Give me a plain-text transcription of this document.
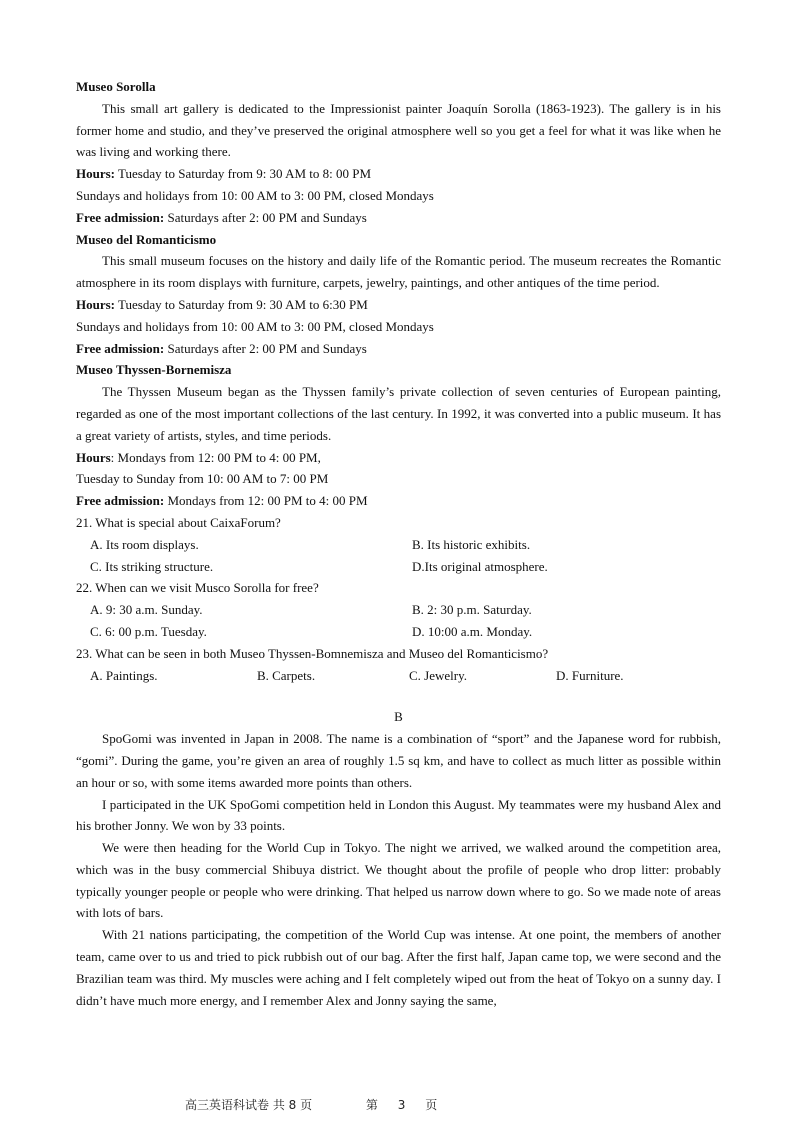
Museo Sorolla
This small art gallery is dedicated to the Impressionist painter Joaquín Sorolla (1863-1923). The gallery is in his former home and studio, and they’ve preserved the original atmosphere well so you get a feel for what it was like when he was living and working there.
Hours: Tuesday to Saturday from 9: 30 AM to 8: 00 PM
Sundays and holidays from 10: 00 AM to 3: 00 PM, closed Mondays
Free admission: Saturdays after 2: 00 PM and Sundays
Museo del Romanticismo
This small museum focuses on the history and daily life of the Romantic period. The museum recreates the Romantic atmosphere in its room displays with furniture, carpets, jewelry, paintings, and other antiques of the time period.
Hours: Tuesday to Saturday from 9: 30 AM to 6:30 PM
Sundays and holidays from 10: 00 AM to 3: 00 PM, closed Mondays
Free admission: Saturdays after 2: 00 PM and Sundays
Museo Thyssen-Bornemisza
The Thyssen Museum began as the Thyssen family’s private collection of seven centuries of European painting, regarded as one of the most important collections of the last century. In 1992, it was converted into a public museum. It has a great variety of artists, styles, and time periods.
Hours: Mondays from 12: 00 PM to 4: 00 PM,
Tuesday to Sunday from 10: 00 AM to 7: 00 PM
Free admission: Mondays from 12: 00 PM to 4: 00 PM
21. What is special about CaixaForum?
A. Its room displays.	B. Its historic exhibits.
C. Its striking structure.	D.Its original atmosphere.
22. When can we visit Musco Sorolla for free?
A. 9: 30 a.m. Sunday.	B. 2: 30 p.m. Saturday.
C. 6: 00 p.m. Tuesday.	D. 10:00 a.m. Monday.
23. What can be seen in both Museo Thyssen-Bomnemisza and Museo del Romanticismo?
A. Paintings.	B. Carpets.	C. Jewelry.	D. Furniture.
B
SpoGomi was invented in Japan in 2008. The name is a combination of “sport” and the Japanese word for rubbish, “gomi”. During the game, you’re given an area of roughly 1.5 sq km, and have to collect as much litter as possible within an hour or so, with some items awarded more points than others.
I participated in the UK SpoGomi competition held in London this August. My teammates were my husband Alex and his brother Jonny. We won by 33 points.
We were then heading for the World Cup in Tokyo. The night we arrived, we walked around the competition area, which was in the busy commercial Shibuya district. We thought about the profile of people who drop litter: probably typically younger people or people who were drinking. That helped us narrow down where to go. So we made note of areas with lots of bars.
With 21 nations participating, the competition of the World Cup was intense. At one point, the members of another team, came over to us and tried to pick rubbish out of our bag. After the first half, Japan came top, we were second and the Brazilian team was third. My muscles were aching and I felt completely wiped out from the heat of Tokyo on a sunny day. I didn’t have much more energy, and I remember Alex and Jonny saying the same,
高三英语科试卷 共 8 页	第 3 页
